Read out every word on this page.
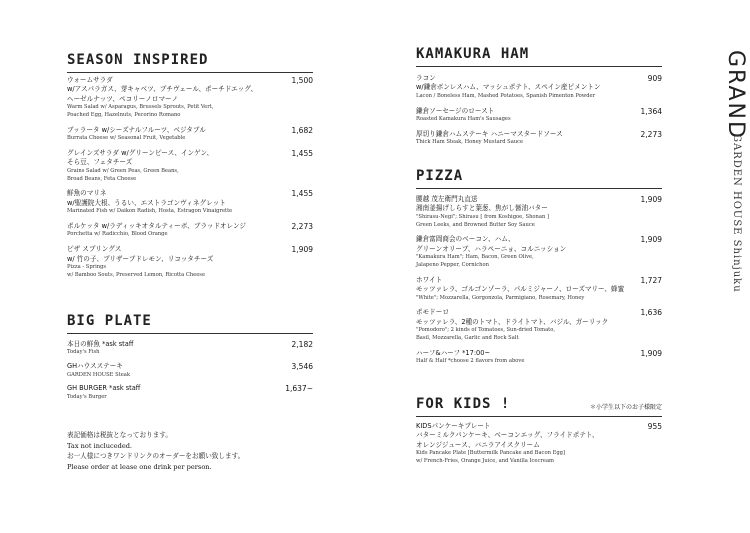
SEASON INSPIRED
ウォームサラダ
w/アスパラガス、芽キャベツ、プチヴェール、ポーチドエッグ、
ヘーゼルナッツ、ペコリーノロマーノ
Warm Salad w/ Asparagus, Brussels Sprouts, Petit Vert,
Poached Egg, Hazelnuts, Pecorino Romano
1,500
ブッラータ w/シーズナルフルーツ、ベジタブル
Burrata Cheese w/ Seasonal Fruit, Vegetable
1,682
グレインズサラダ w/グリーンピース、インゲン、
そら豆、フェタチーズ
Grains Salad w/ Green Peas, Green Beans,
Broad Beans, Feta Cheese
1,455
鮮魚のマリネ
w/聖護院大根、うるい、エストラゴンヴィネグレット
Marinated Fish w/ Daikon Radish, Hosta, Estragon Vinaigrette
1,455
ポルケッタ w/ラディッキオタルティーボ、ブラッドオレンジ
Porchetta w/ Radicchio, Blood Orange
2,273
ピザ スプリングス
w/ 竹の子、プリザーブドレモン、リコッタチーズ
Pizza - Springs
w/ Bamboo Souts, Preserved Lemon, Ricotta Cheese
1,909
BIG PLATE
本日の鮮魚 *ask staff
Today's Fish
2,182
GHハウスステーキ
GARDEN HOUSE Steak
3,546
GH BURGER *ask staff
Today's Burger
1,637~
表記価格は税抜となっております。
Tax not incluceded.
お一人様につきワンドリンクのオーダーをお願い致します。
Please order at lease one drink per person.
KAMAKURA HAM
ラコン
w/鎌倉ボンレスハム、マッシュポテト、スペイン産ピメントン
Lacon / Boneless Ham, Mashed Potatoes, Spanish Pimenton Powder
909
鎌倉ソーセージのロースト
Roasted Kamakura Ham's Sausages
1,364
厚切り鎌倉ハムステーキ ハニーマスタードソース
Thick Ham Steak, Honey Mustard Sauce
2,273
PIZZA
腰越 茂左衛門丸直送
湘南釜揚げしらすと葉葱、焦がし醤油バター
"Shirasu-Negi"; Shirasu [ from Koshigoe, Shonan ]
Green Leeks, and Browned Butter Soy Sauce
1,909
鎌倉富岡商会のベーコン、ハム、
グリーンオリーブ、ハラペーニョ、コルニッション
"Kamakura Ham"; Ham, Bacon, Green Olive,
Jalapeno Pepper, Cornichon
1,909
ホワイト
モッツァレラ、ゴルゴンゾーラ、パルミジャーノ、ローズマリー、蜂蜜
"White"; Mozzarella, Gorgonzola, Parmigiano, Rosemary, Honey
1,727
ポモドーロ
モッツァレラ、2種のトマト、ドライトマト、バジル、ガーリック
"Pomodoro"; 2 kinds of Tomatoes, Sun-dried Tomato,
Basil, Mozzarella, Garlic and Rock Salt
1,636
ハーフ&ハーフ *17:00~
Half & Half *choose 2 flavors from above
1,909
FOR KIDS !	＊小学生以下のお子様限定
KIDSパンケーキプレート
バターミルクパンケーキ、ベーコンエッグ、フライドポテト、
オレンジジュース、バニラアイスクリーム
Kids Pancake Plate [Buttermilk Pancake and Bacon Egg]
w/ French-Fries, Orange Juice, and Vanilla Icecream
955
GRAND
GARDEN HOUSE Shinjuku
